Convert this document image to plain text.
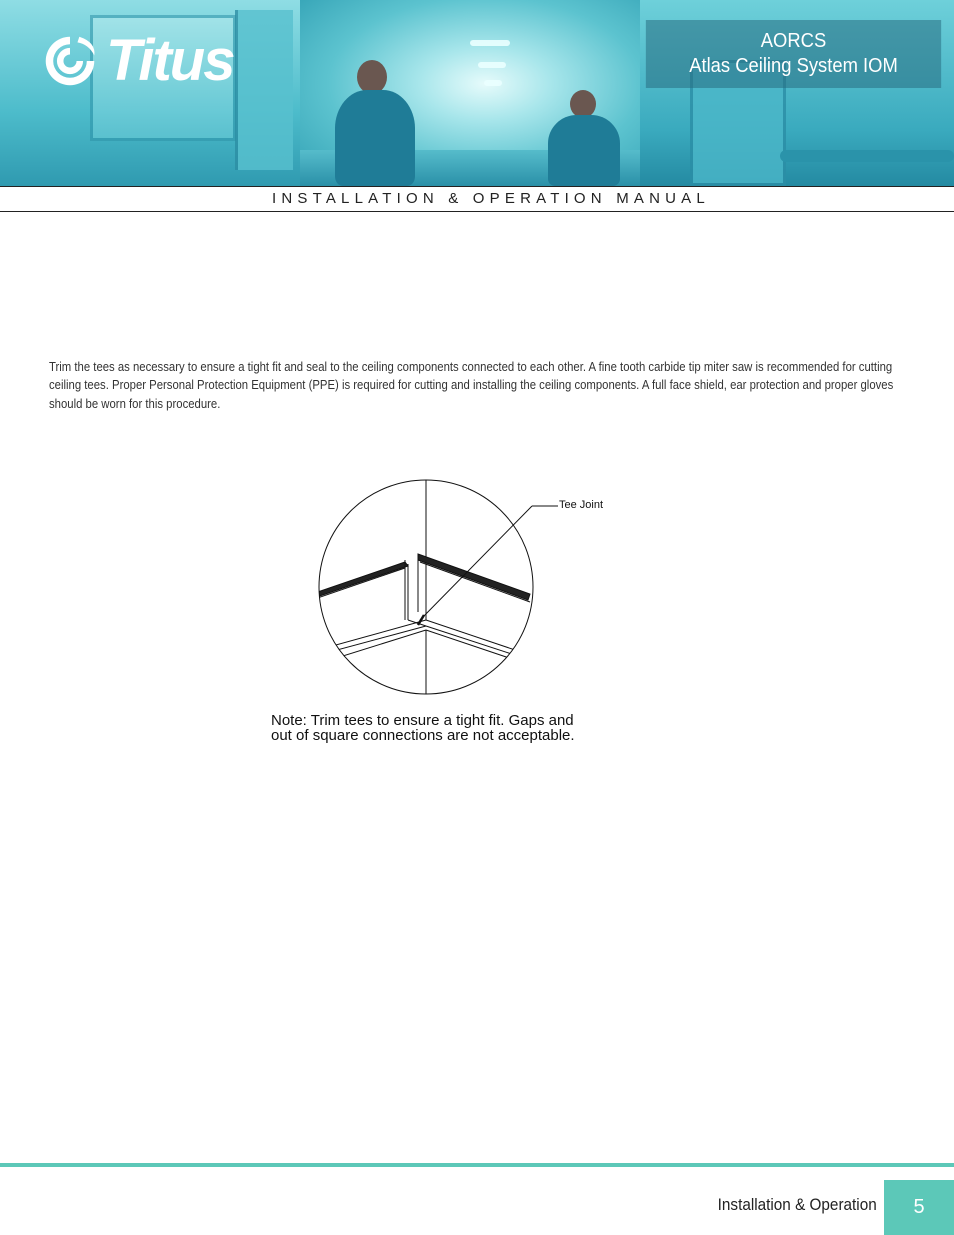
Titus	AORCS
Atlas Ceiling System IOM
INSTALLATION & OPERATION MANUAL

Trim the tees as necessary to ensure a tight fit and seal to the ceiling components connected to each other. A fine tooth carbide tip miter saw is recommended for cutting ceiling tees. Proper Personal Protection Equipment (PPE) is required for cutting and installing the ceiling components. A full face shield, ear protection and proper gloves should be worn for this procedure.

Tee Joint
Note: Trim tees to ensure a tight fit. Gaps and
out of square connections are not acceptable.
Installation & Operation	5
